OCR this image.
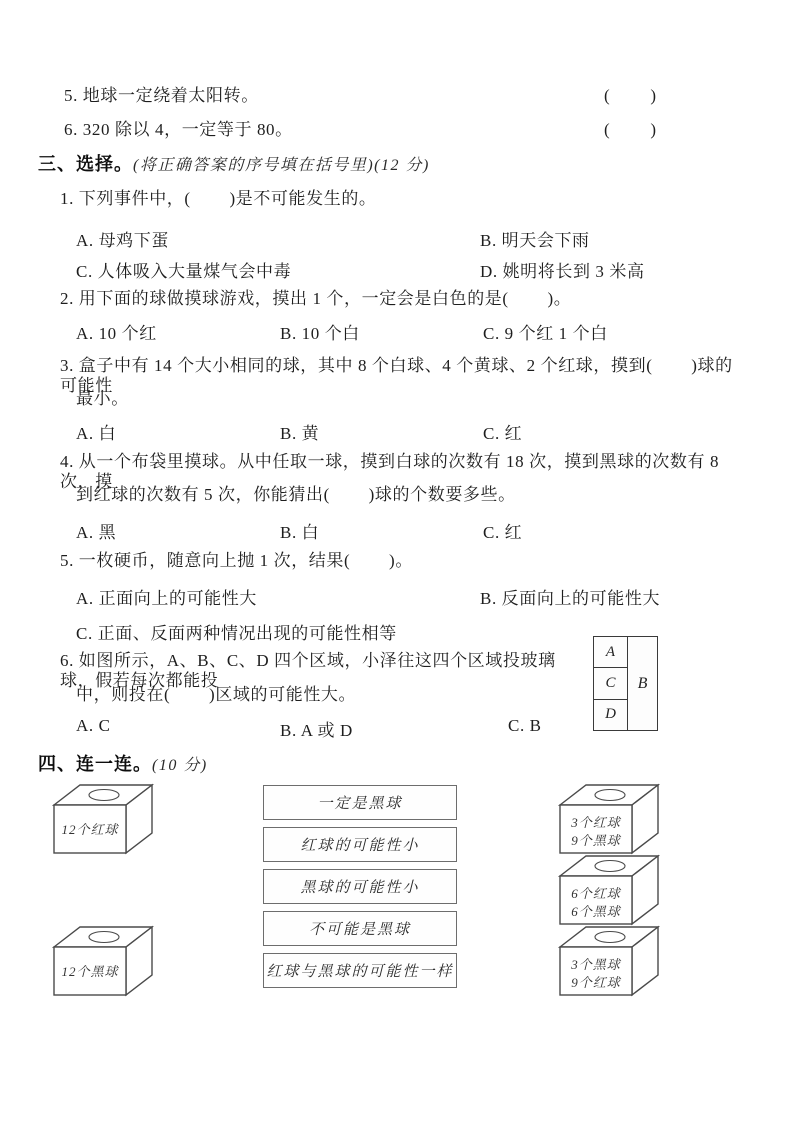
5. 地球一定绕着太阳转。	( )
6. 320 除以 4，一定等于 80。	( )
三、选择。(将正确答案的序号填在括号里)(12 分)
1. 下列事件中，(        )是不可能发生的。
A. 母鸡下蛋	B. 明天会下雨
C. 人体吸入大量煤气会中毒	D. 姚明将长到 3 米高
2. 用下面的球做摸球游戏，摸出 1 个，一定会是白色的是(        )。
A. 10 个红	B. 10 个白	C. 9 个红 1 个白
3. 盒子中有 14 个大小相同的球，其中 8 个白球、4 个黄球、2 个红球，摸到(        )球的可能性
最小。
A. 白	B. 黄	C. 红
4. 从一个布袋里摸球。从中任取一球，摸到白球的次数有 18 次，摸到黑球的次数有 8 次，摸
到红球的次数有 5 次，你能猜出(        )球的个数要多些。
A. 黑	B. 白	C. 红
5. 一枚硬币，随意向上抛 1 次，结果(        )。
A. 正面向上的可能性大	B. 反面向上的可能性大
C. 正面、反面两种情况出现的可能性相等
6. 如图所示，A、B、C、D 四个区域，小泽往这四个区域投玻璃球，假若每次都能投
中，则投在(        )区域的可能性大。
A. C	B. A 或 D	C. B
A
C
D
B
四、连一连。(10 分)
12个红球
12个黑球
一定是黑球
红球的可能性小
黑球的可能性小
不可能是黑球
红球与黑球的可能性一样
3个红球
9个黑球
6个红球
6个黑球
3个黑球
9个红球
